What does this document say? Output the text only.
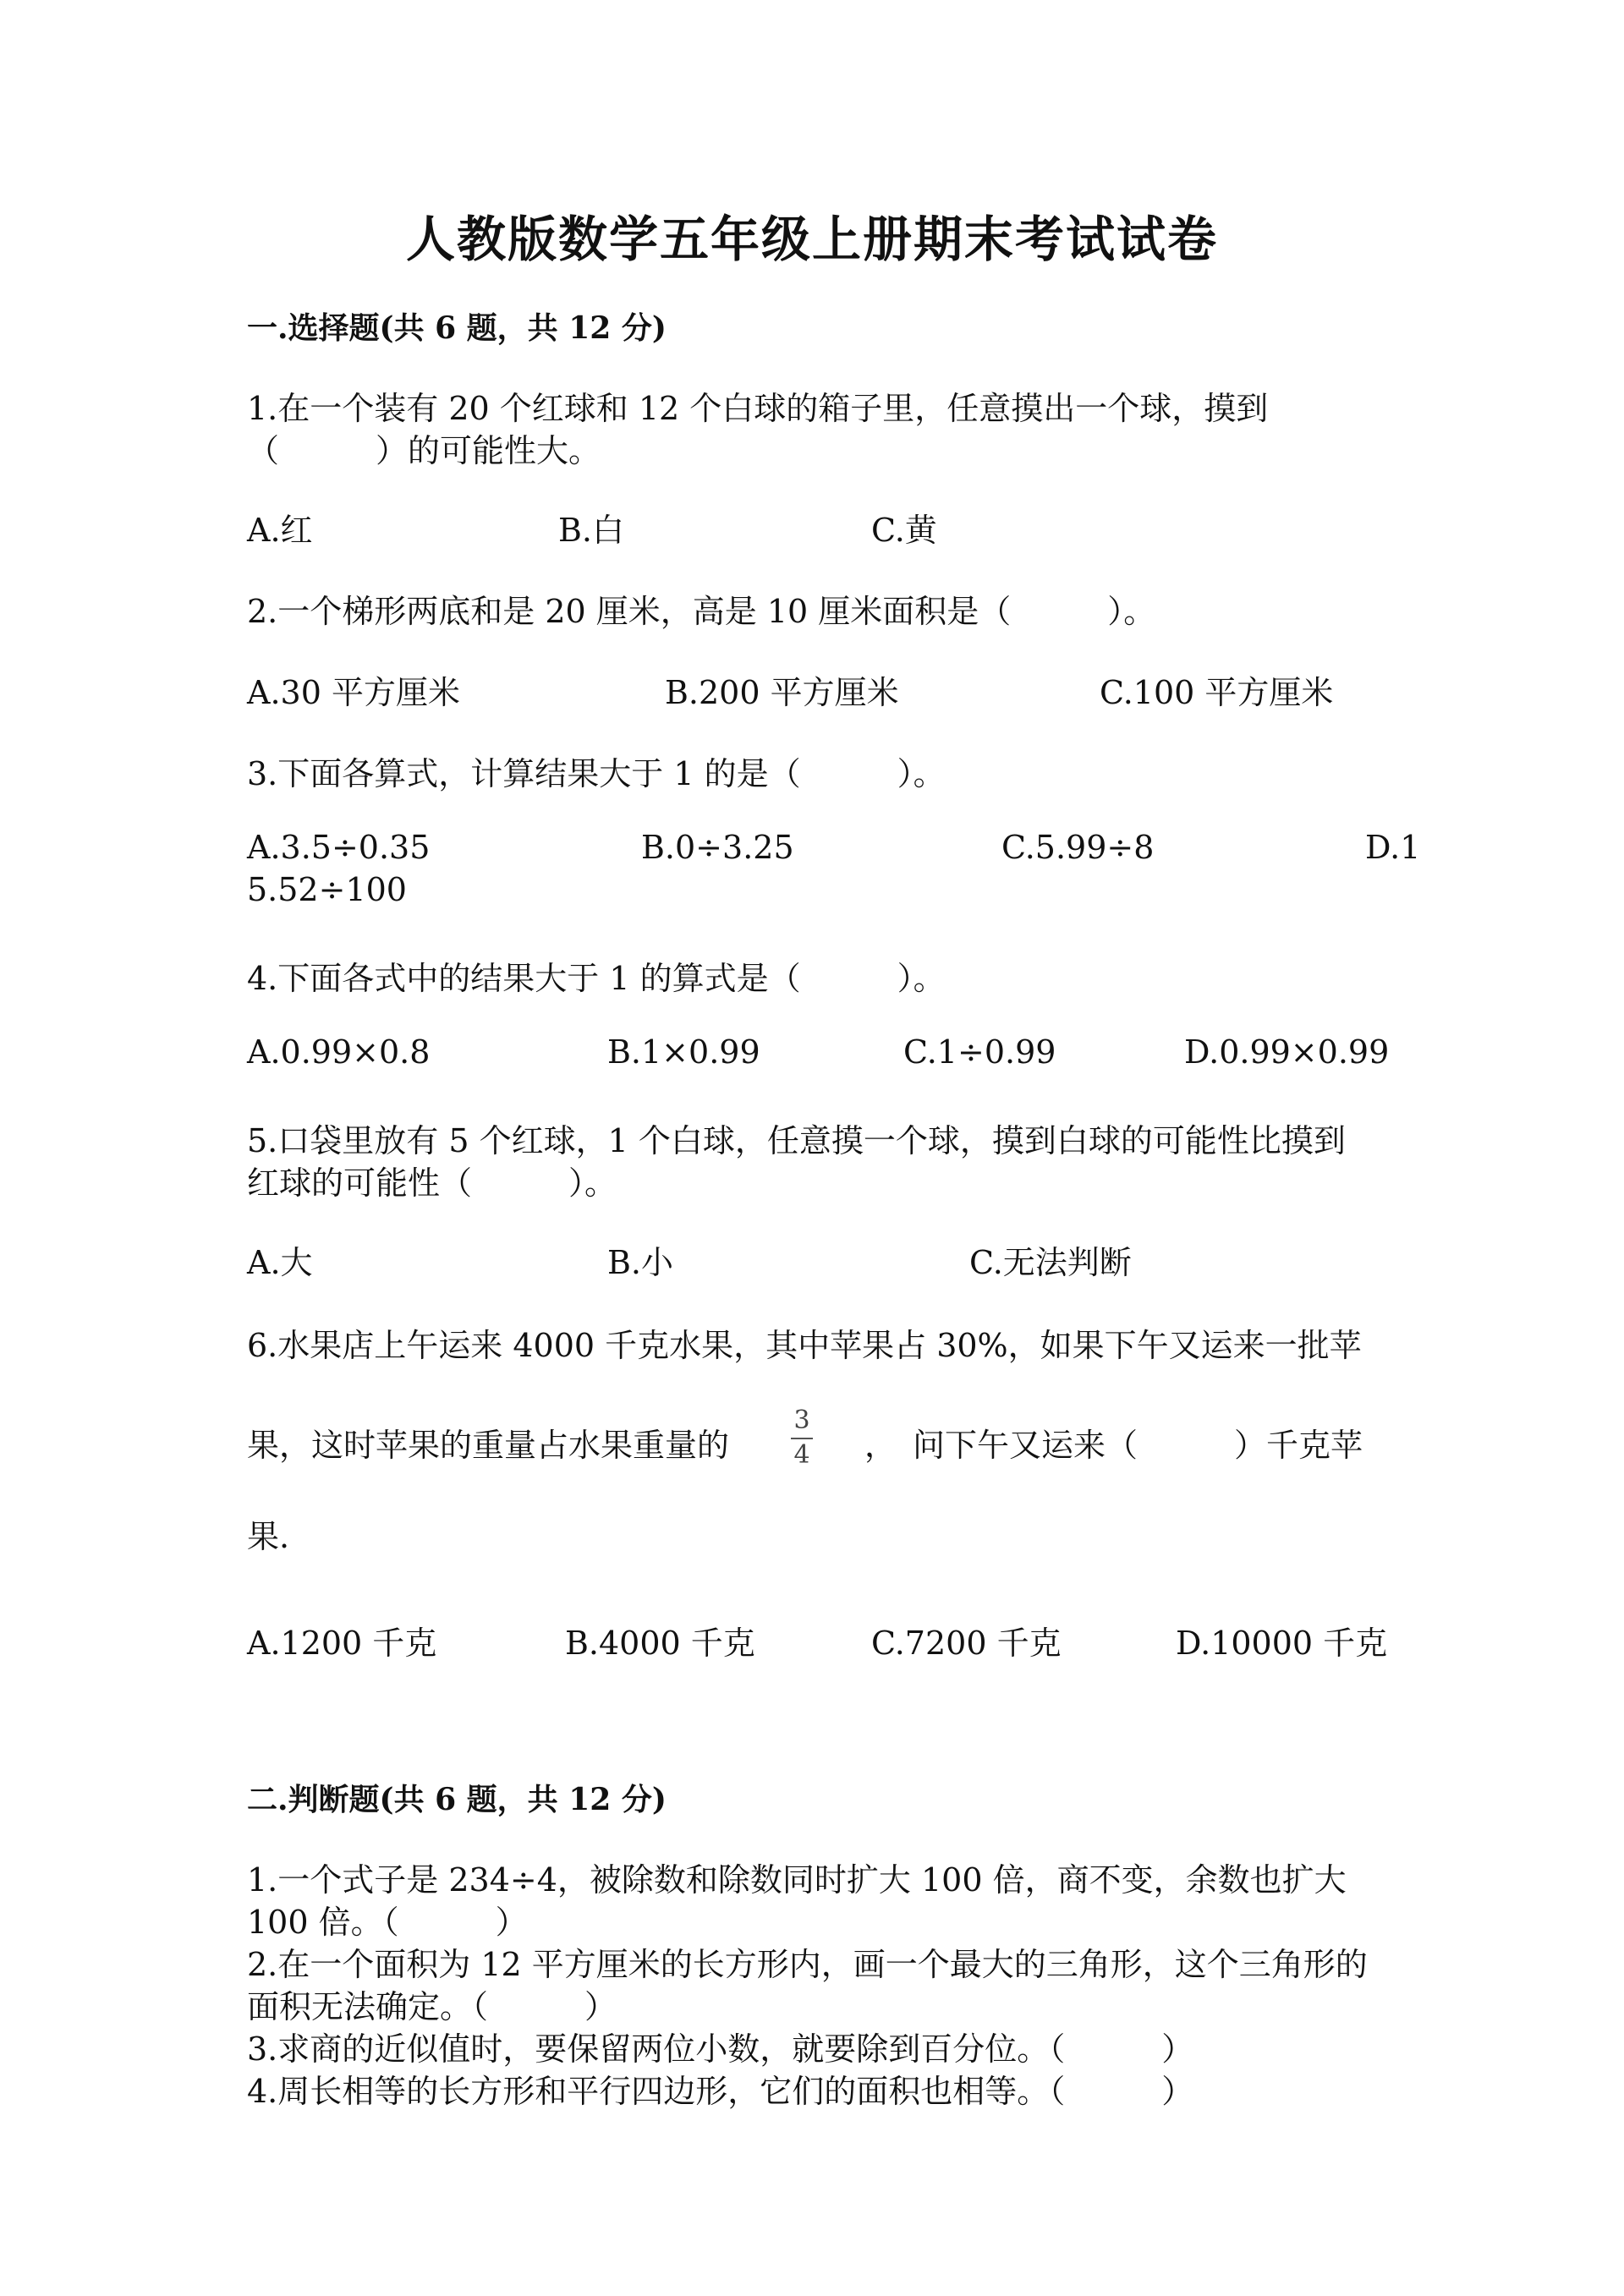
人教版数学五年级上册期末考试试卷
一.选择题(共 6 题，共 12 分)
1.在一个装有 20 个红球和 12 个白球的箱子里，任意摸出一个球，摸到
（　　　）的可能性大。
A.红	B.白	C.黄
2.一个梯形两底和是 20 厘米，高是 10 厘米面积是（　　　）。
A.30 平方厘米	B.200 平方厘米	C.100 平方厘米
3.下面各算式，计算结果大于 1 的是（　　　）。
A.3.5÷0.35	B.0÷3.25	C.5.99÷8	D.1
5.52÷100
4.下面各式中的结果大于 1 的算式是（　　　）。
A.0.99×0.8	B.1×0.99	C.1÷0.99	D.0.99×0.99
5.口袋里放有 5 个红球，1 个白球，任意摸一个球，摸到白球的可能性比摸到
红球的可能性（　　　）。
A.大	B.小	C.无法判断
6.水果店上午运来 4000 千克水果，其中苹果占 30%，如果下午又运来一批苹
果，这时苹果的重量占水果重量的
3
4 ，　问下午又运来（　　　）千克苹
果.
A.1200 千克	B.4000 千克	C.7200 千克	D.10000 千克
二.判断题(共 6 题，共 12 分)
1.一个式子是 234÷4，被除数和除数同时扩大 100 倍，商不变，余数也扩大
100 倍。（　　　）
2.在一个面积为 12 平方厘米的长方形内，画一个最大的三角形，这个三角形的
面积无法确定。（　　　）
3.求商的近似值时，要保留两位小数，就要除到百分位。（　　　）
4.周长相等的长方形和平行四边形，它们的面积也相等。（　　　）
